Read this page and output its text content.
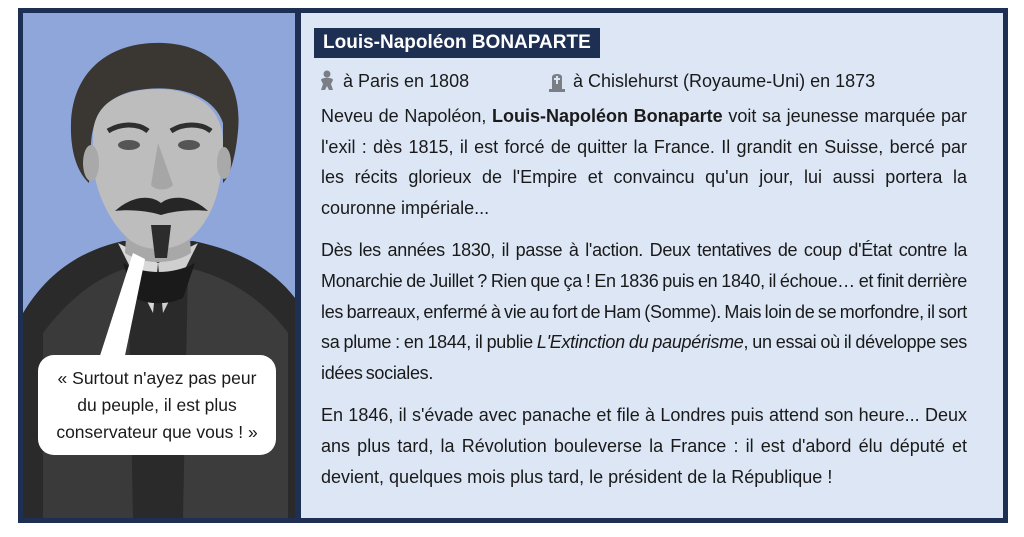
« Surtout n'ayez pas peur du peuple, il est plus conservateur que vous ! »
Louis-Napoléon BONAPARTE
à Paris en 1808	à Chislehurst (Royaume-Uni) en 1873

Neveu de Napoléon, Louis-Napoléon Bonaparte voit sa jeunesse marquée par l'exil : dès 1815, il est forcé de quitter la France. Il grandit en Suisse, bercé par les récits glorieux de l'Empire et convaincu qu'un jour, lui aussi portera la couronne impériale...

Dès les années 1830, il passe à l'action. Deux tentatives de coup d'État contre la Monarchie de Juillet ? Rien que ça ! En 1836 puis en 1840, il échoue… et finit derrière les barreaux, enfermé à vie au fort de Ham (Somme). Mais loin de se morfondre, il sort sa plume : en 1844, il publie L'Extinction du paupérisme, un essai où il développe ses idées sociales.

En 1846, il s'évade avec panache et file à Londres puis attend son heure... Deux ans plus tard, la Révolution bouleverse la France : il est d'abord élu député et devient, quelques mois plus tard, le président de la République !
